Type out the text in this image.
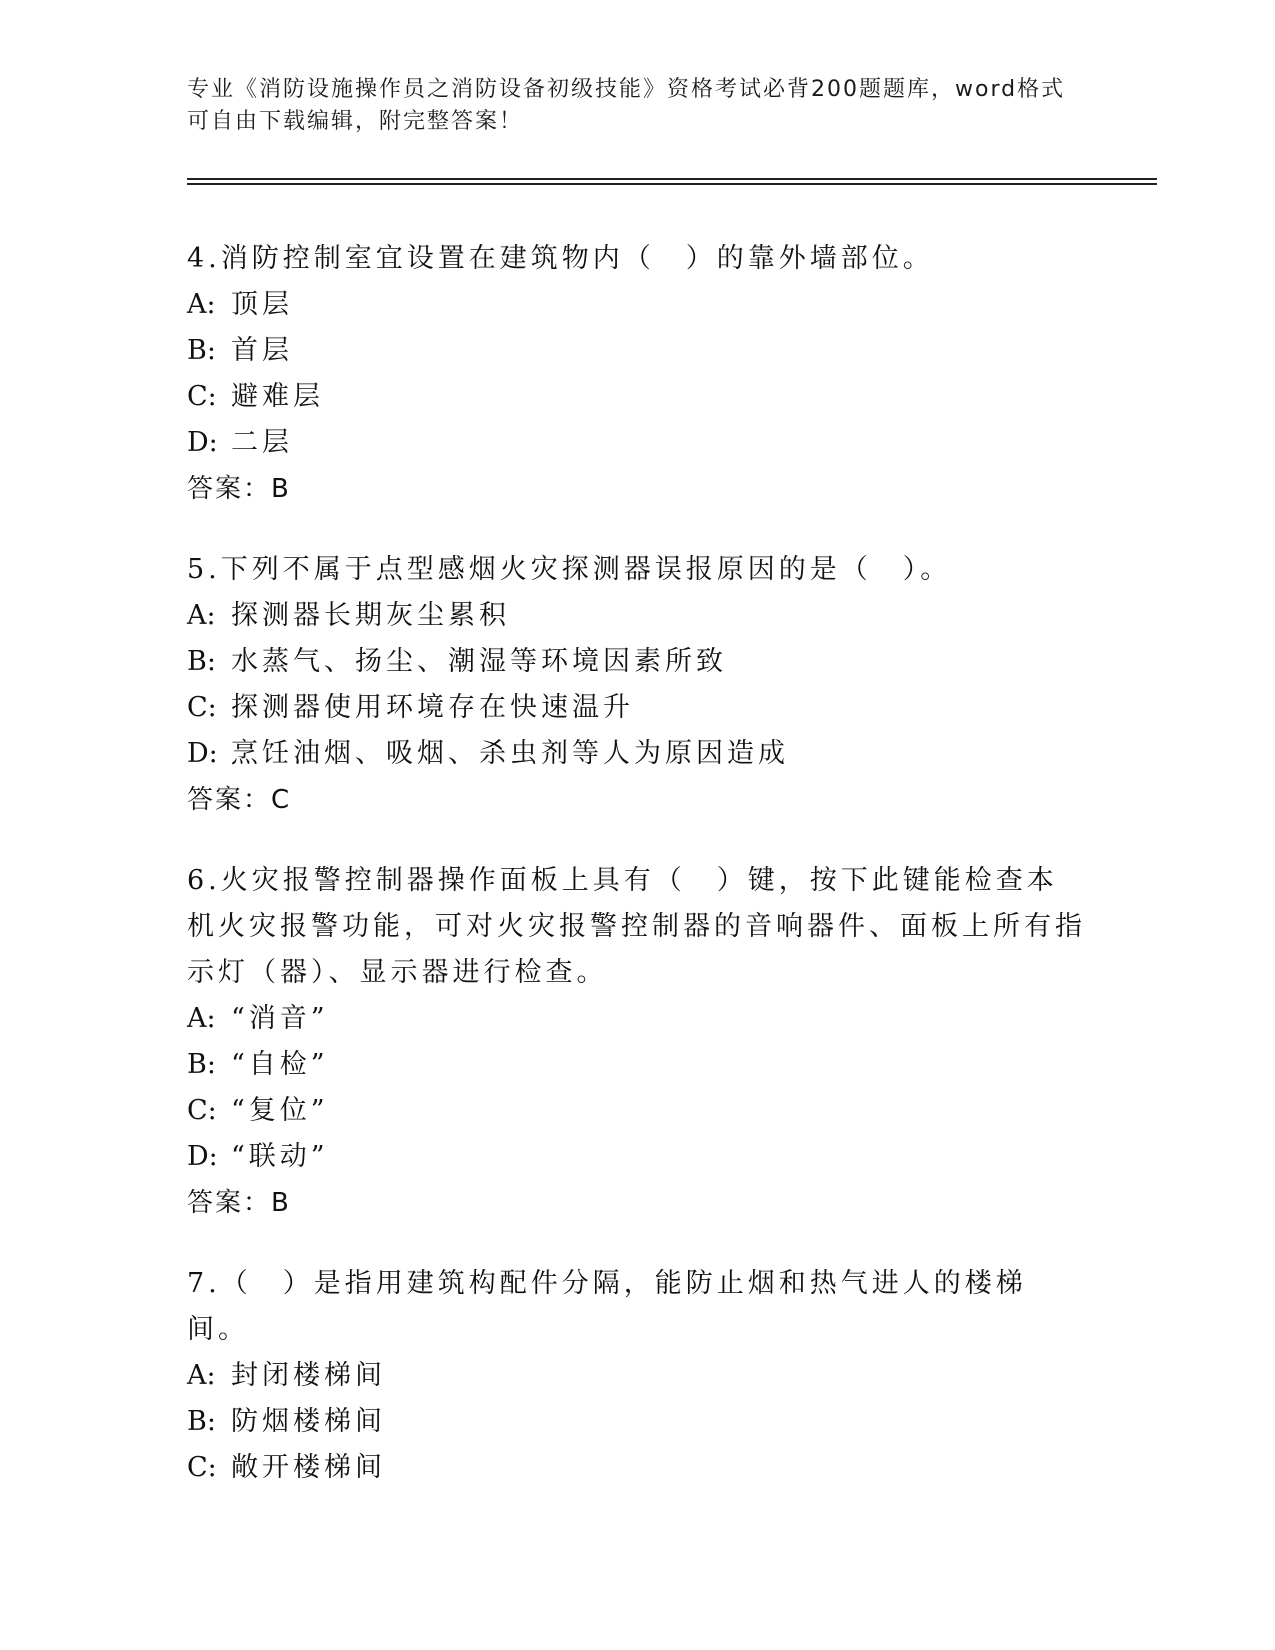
专业《消防设施操作员之消防设备初级技能》资格考试必背200题题库，word格式可自由下载编辑，附完整答案！
4.消防控制室宜设置在建筑物内（　）的靠外墙部位。
A: 顶层
B: 首层
C: 避难层
D: 二层
答案：B
5.下列不属于点型感烟火灾探测器误报原因的是（　）。
A: 探测器长期灰尘累积
B: 水蒸气、扬尘、潮湿等环境因素所致
C: 探测器使用环境存在快速温升
D: 烹饪油烟、吸烟、杀虫剂等人为原因造成
答案：C
6.火灾报警控制器操作面板上具有（　）键，按下此键能检查本机火灾报警功能，可对火灾报警控制器的音响器件、面板上所有指示灯（器）、显示器进行检查。
A: “消音”
B: “自检”
C: “复位”
D: “联动”
答案：B
7.（　）是指用建筑构配件分隔，能防止烟和热气进人的楼梯间。
A: 封闭楼梯间
B: 防烟楼梯间
C: 敞开楼梯间
